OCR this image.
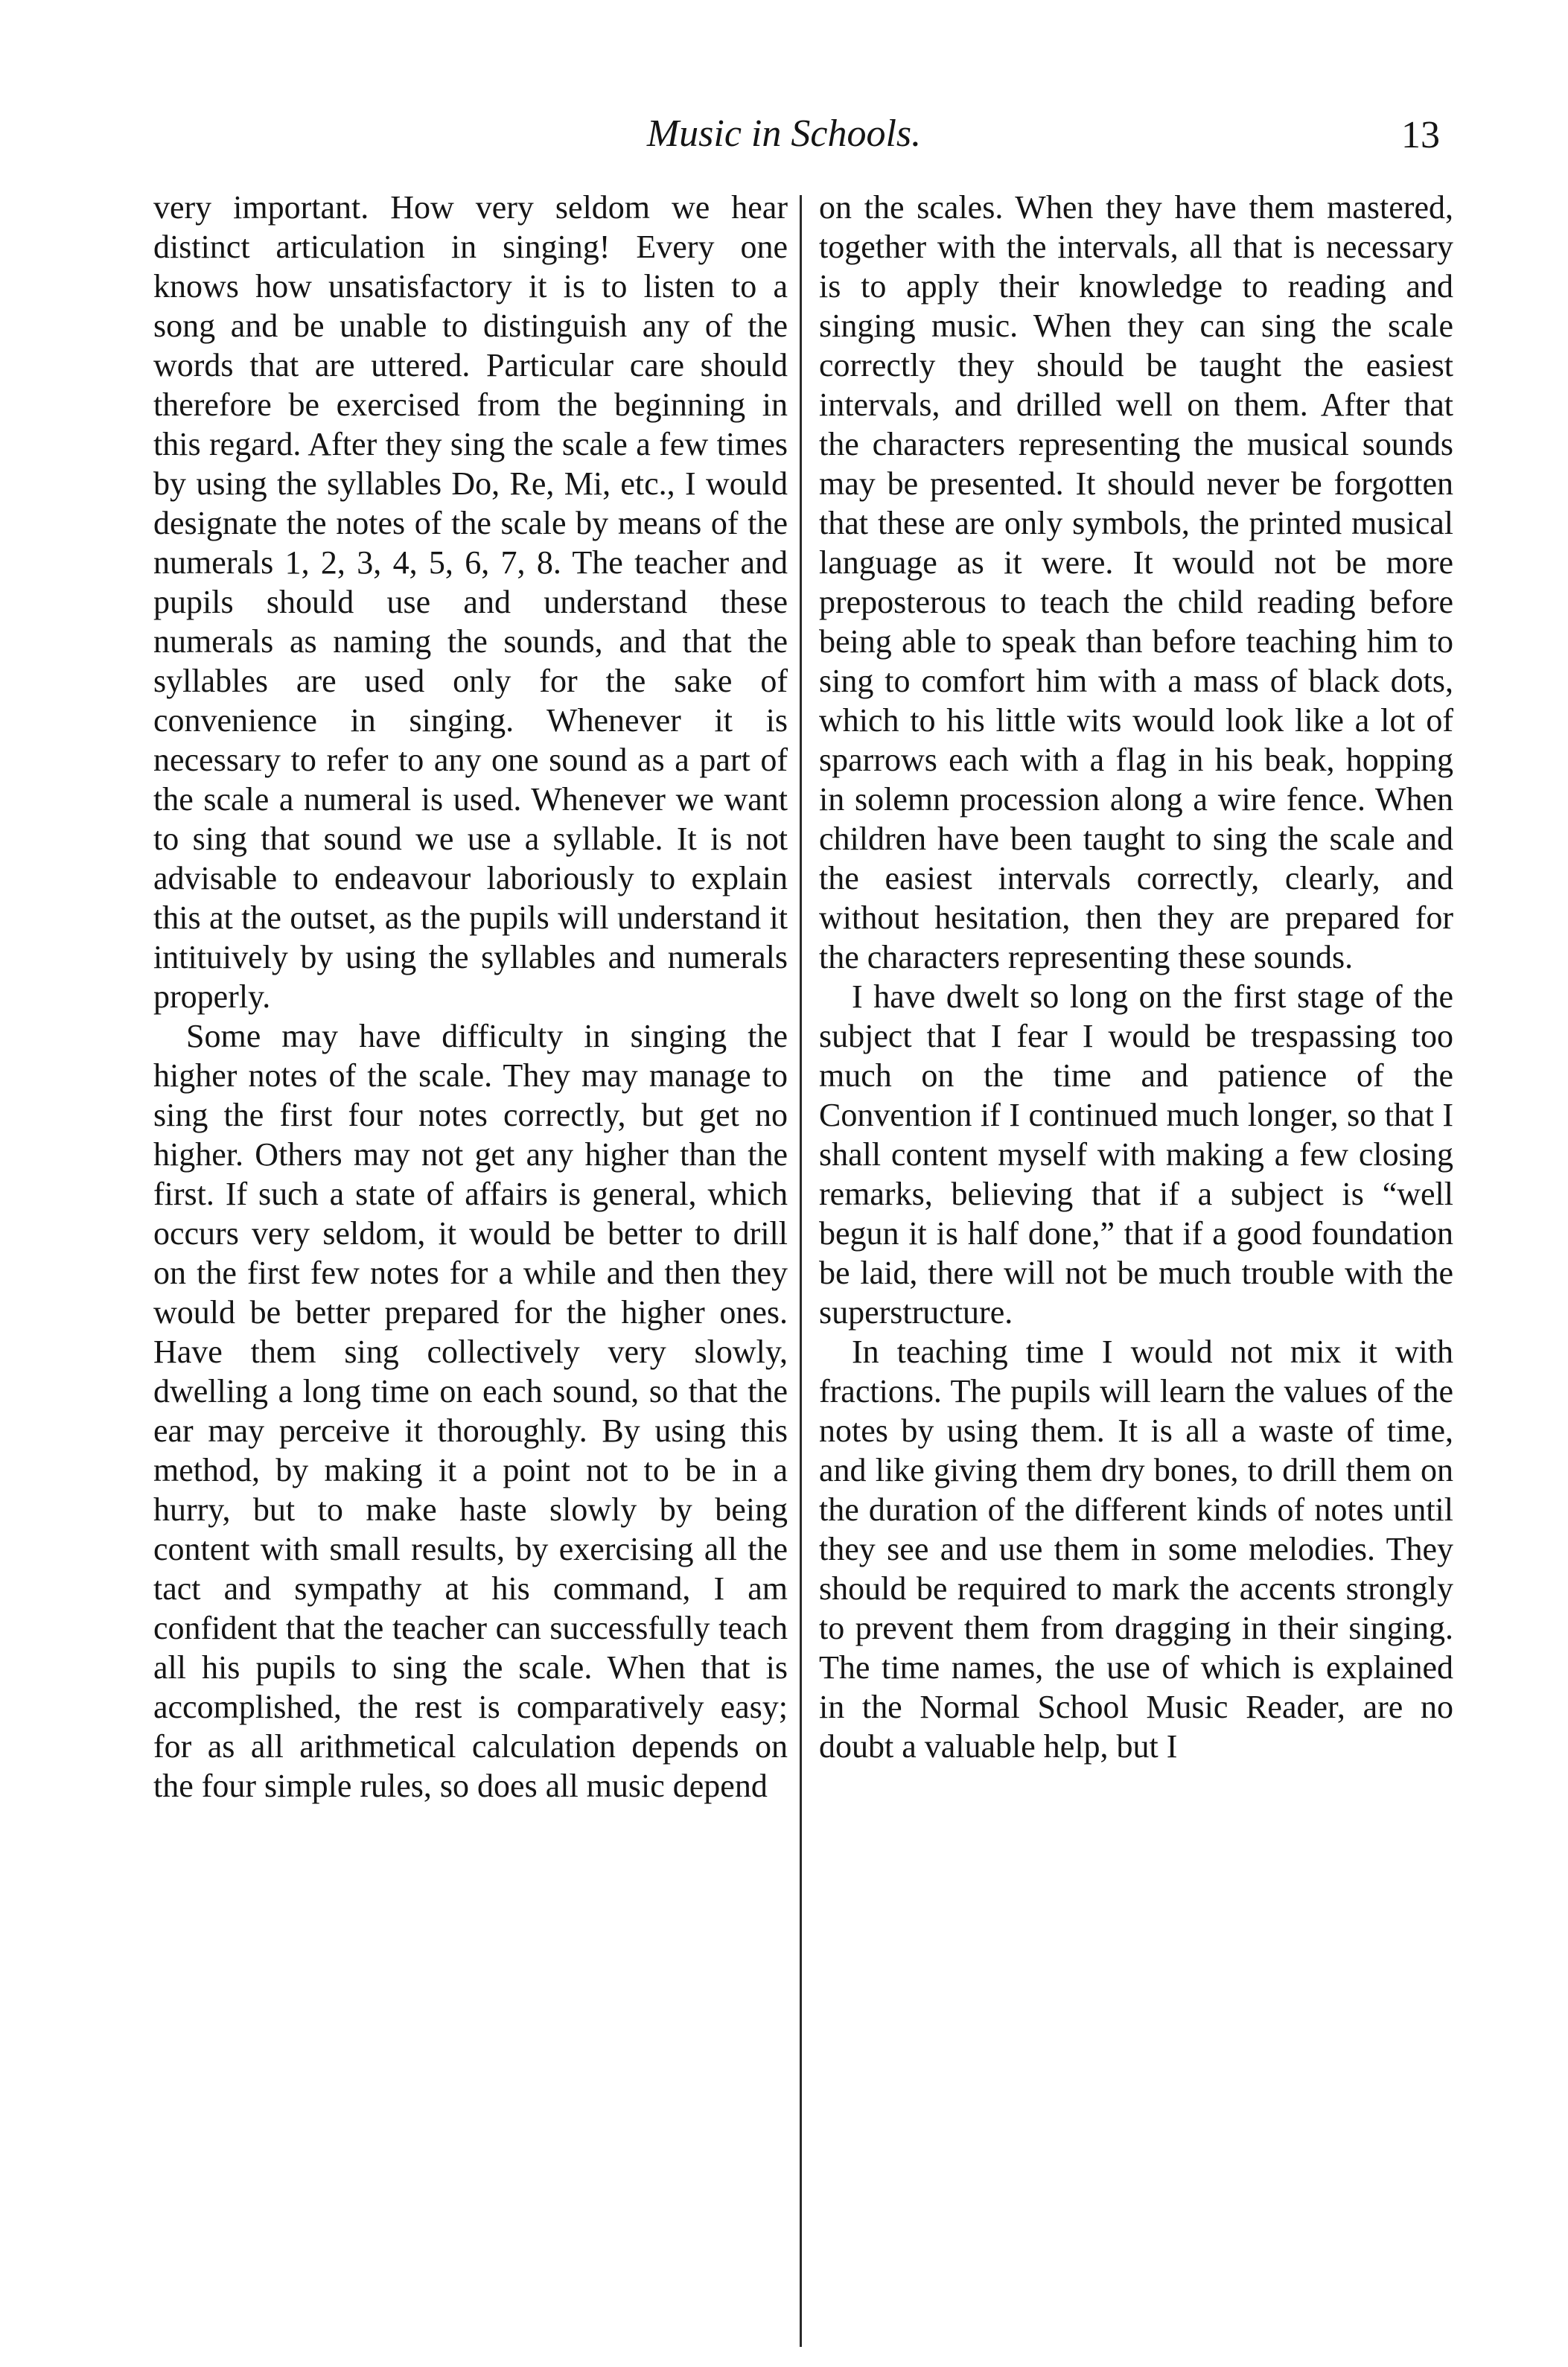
Music in Schools.	13

very important. How very seldom we hear distinct articulation in singing! Every one knows how unsatisfactory it is to listen to a song and be unable to distinguish any of the words that are uttered. Particular care should therefore be exercised from the beginning in this regard. After they sing the scale a few times by using the syllables Do, Re, Mi, etc., I would designate the notes of the scale by means of the numerals 1, 2, 3, 4, 5, 6, 7, 8. The teacher and pupils should use and understand these numerals as naming the sounds, and that the syllables are used only for the sake of convenience in singing. Whenever it is necessary to refer to any one sound as a part of the scale a numeral is used. Whenever we want to sing that sound we use a syllable. It is not advisable to endeavour laboriously to explain this at the outset, as the pupils will understand it intituively by using the syllables and numerals properly.

Some may have difficulty in singing the higher notes of the scale. They may manage to sing the first four notes correctly, but get no higher. Others may not get any higher than the first. If such a state of affairs is general, which occurs very seldom, it would be better to drill on the first few notes for a while and then they would be better prepared for the higher ones. Have them sing collectively very slowly, dwelling a long time on each sound, so that the ear may perceive it thoroughly. By using this method, by making it a point not to be in a hurry, but to make haste slowly by being content with small results, by exercising all the tact and sympathy at his command, I am confident that the teacher can successfully teach all his pupils to sing the scale. When that is accomplished, the rest is comparatively easy; for as all arithmetical calculation depends on the four simple rules, so does all music depend

on the scales. When they have them mastered, together with the intervals, all that is necessary is to apply their knowledge to reading and singing music. When they can sing the scale correctly they should be taught the easiest intervals, and drilled well on them. After that the characters representing the musical sounds may be presented. It should never be forgotten that these are only symbols, the printed musical language as it were. It would not be more preposterous to teach the child reading before being able to speak than before teaching him to sing to comfort him with a mass of black dots, which to his little wits would look like a lot of sparrows each with a flag in his beak, hopping in solemn procession along a wire fence. When children have been taught to sing the scale and the easiest intervals correctly, clearly, and without hesitation, then they are prepared for the characters representing these sounds.

I have dwelt so long on the first stage of the subject that I fear I would be trespassing too much on the time and patience of the Convention if I continued much longer, so that I shall content myself with making a few closing remarks, believing that if a subject is “well begun it is half done,” that if a good foundation be laid, there will not be much trouble with the superstructure.

In teaching time I would not mix it with fractions. The pupils will learn the values of the notes by using them. It is all a waste of time, and like giving them dry bones, to drill them on the duration of the different kinds of notes until they see and use them in some melodies. They should be required to mark the accents strongly to prevent them from dragging in their singing. The time names, the use of which is explained in the Normal School Music Reader, are no doubt a valuable help, but I
